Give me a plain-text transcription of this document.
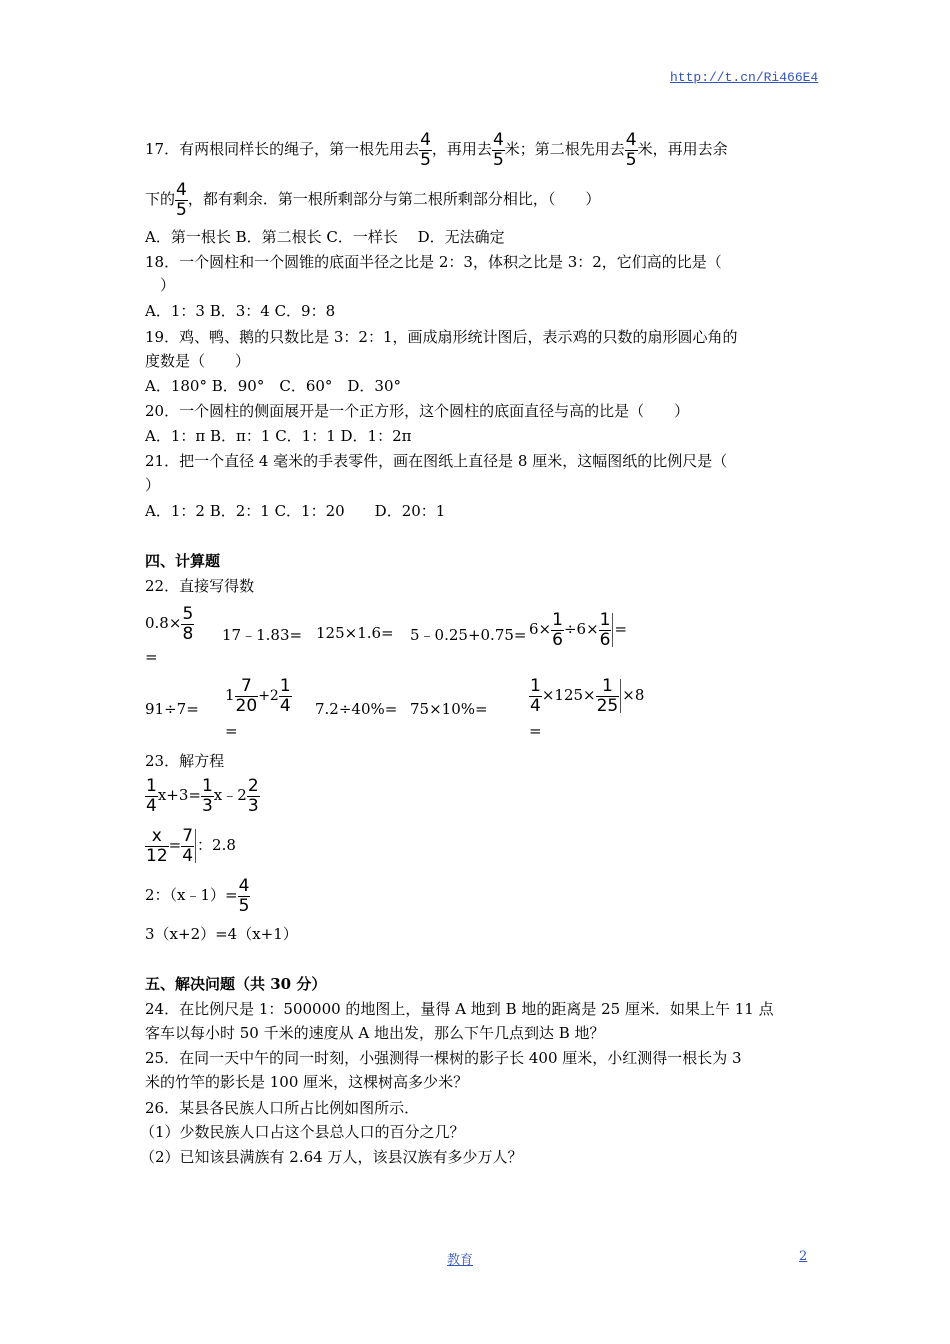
http://t.cn/Ri466E4
17．有两根同样长的绳子，第一根先用去 $\frac{4}{5}$ ，再用去 $\frac{4}{5}$ 米；第二根先用去 $\frac{4}{5}$ 米，再用去余
下的 $\frac{4}{5}$ ，都有剩余．第一根所剩部分与第二根所剩部分相比，（　　）
A．第一根长 B．第二根长 C．一样长　 D．无法确定
18．一个圆柱和一个圆锥的底面半径之比是 2：3，体积之比是 3：2，它们高的比是（
　）
A．1：3 B．3：4 C．9：8
19．鸡、鸭、鹅的只数比是 3：2：1，画成扇形统计图后，表示鸡的只数的扇形圆心角的
度数是（　　）
A．180° B．90°　C．60°　D．30°
20．一个圆柱的侧面展开是一个正方形，这个圆柱的底面直径与高的比是（　　）
A．1：π B．π：1 C．1：1 D．1：2π
21．把一个直径 4 毫米的手表零件，画在图纸上直径是 8 厘米，这幅图纸的比例尺是（
）
A．1：2 B．2：1 C．1：20　　D．20：1
四、计算题
22．直接写得数
$0.8\times \frac{5}{8}$
=
17﹣1.83= 125×1.6= 5﹣0.25+0.75= $6\times \frac{1}{6} \div 6\times \frac{1}{6}$ =
91÷7=
$1 \frac{7}{20} +2 \frac{1}{4}$
=
$7.2\div 40\%= 75\times 10\%= \frac{1}{4} \times 125\times \frac{1}{25} \times 8$
=
23．解方程
$\frac{1}{4} x+3= \frac{1}{3}$ x﹣2 $\frac{2}{3}$
$\frac{x}{12} = \frac{7}{4}$ ：2.8
2：（x﹣1）= $\frac{4}{5}$
3（x+2）=4（x+1）
五、解决问题（共 30 分）
24．在比例尺是 1：500000 的地图上，量得 A 地到 B 地的距离是 25 厘米．如果上午 11 点
客车以每小时 50 千米的速度从 A 地出发，那么下午几点到达 B 地？
25．在同一天中午的同一时刻，小强测得一棵树的影子长 400 厘米，小红测得一根长为 3
米的竹竿的影长是 100 厘米，这棵树高多少米？
26．某县各民族人口所占比例如图所示．
（1）少数民族人口占这个县总人口的百分之几？
（2）已知该县满族有 2.64 万人，该县汉族有多少万人？
教育	2
